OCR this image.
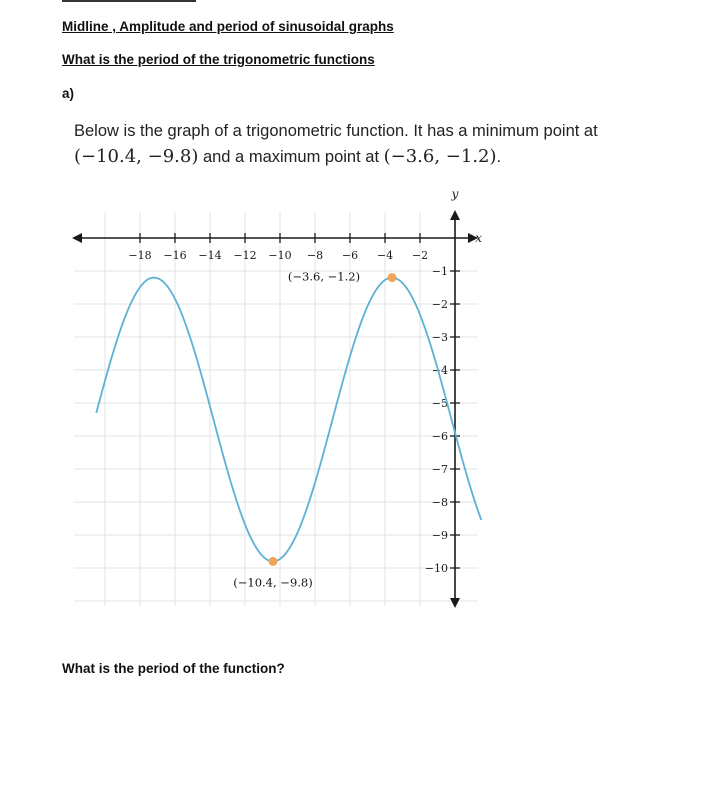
Midline , Amplitude and period of sinusoidal graphs
What is the period of the trigonometric functions
a)
Below is the graph of a trigonometric function. It has a minimum point at
(−10.4, −9.8) and a maximum point at (−3.6, −1.2).
x
y
−18 −16 −14 −12 −10 −8 −6 −4 −2
−1
−2
−3
−4
−5
−6
−7
−8
−9
−10
(−3.6, −1.2)
(−10.4, −9.8)
What is the period of the function?
